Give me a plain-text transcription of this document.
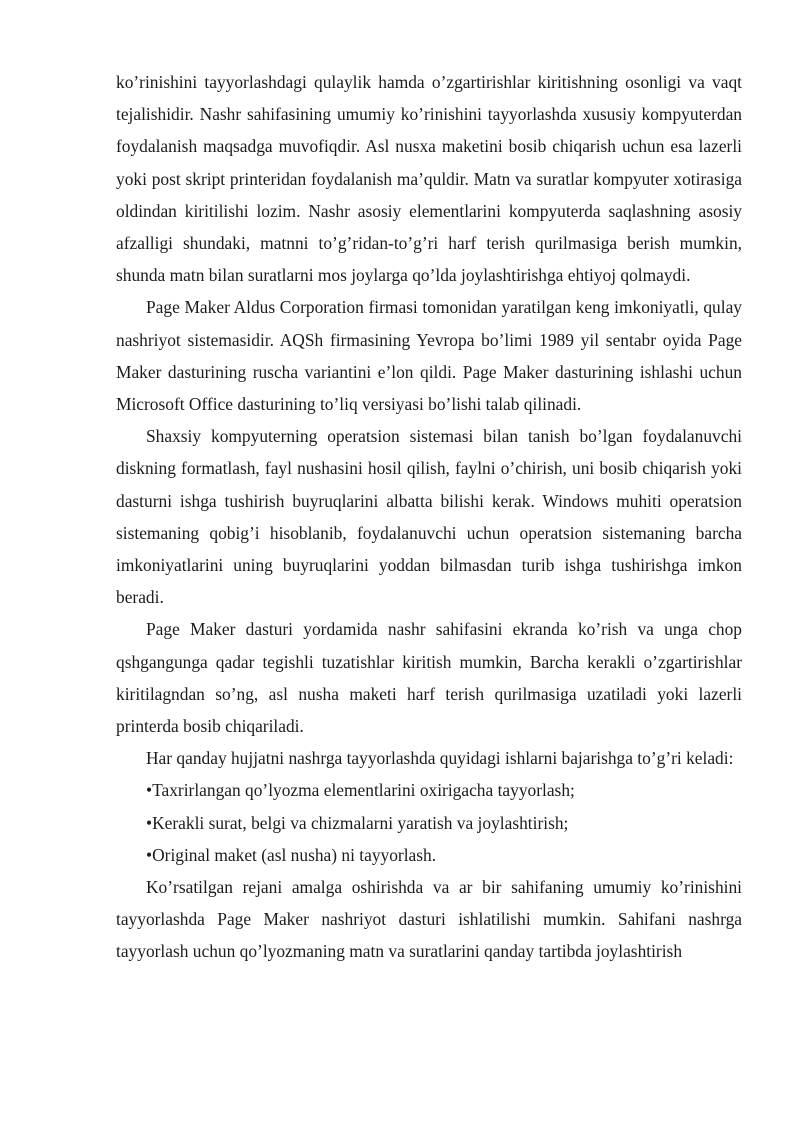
ko’rinishini tayyorlashdagi qulaylik hamda o’zgartirishlar kiritishning osonligi va vaqt tejalishidir. Nashr sahifasining umumiy ko’rinishini tayyorlashda xususiy kompyuterdan foydalanish maqsadga muvofiqdir. Asl nusxa maketini bosib chiqarish uchun esa lazerli yoki post skript printeridan foydalanish ma’quldir. Matn va suratlar kompyuter xotirasiga oldindan kiritilishi lozim. Nashr asosiy elementlarini kompyuterda saqlashning asosiy afzalligi shundaki, matnni to’g’ridan-to’g’ri harf terish qurilmasiga berish mumkin, shunda matn bilan suratlarni mos joylarga qo’lda joylashtirishga ehtiyoj qolmaydi.

Page Maker Aldus Corporation firmasi tomonidan yaratilgan keng imkoniyatli, qulay nashriyot sistemasidir. AQSh firmasining Yevropa bo’limi 1989 yil sentabr oyida Page Maker dasturining ruscha variantini e’lon qildi. Page Maker dasturining ishlashi uchun Microsoft Office dasturining to’liq versiyasi bo’lishi talab qilinadi.

Shaxsiy kompyuterning operatsion sistemasi bilan tanish bo’lgan foydalanuvchi diskning formatlash, fayl nushasini hosil qilish, faylni o’chirish, uni bosib chiqarish yoki dasturni ishga tushirish buyruqlarini albatta bilishi kerak. Windows muhiti operatsion sistemaning qobig’i hisoblanib, foydalanuvchi uchun operatsion sistemaning barcha imkoniyatlarini uning buyruqlarini yoddan bilmasdan turib ishga tushirishga imkon beradi.

Page Maker dasturi yordamida nashr sahifasini ekranda ko’rish va unga chop qshgangunga qadar tegishli tuzatishlar kiritish mumkin, Barcha kerakli o’zgartirishlar kiritilagndan so’ng, asl nusha maketi harf terish qurilmasiga uzatiladi yoki lazerli printerda bosib chiqariladi.

Har qanday hujjatni nashrga tayyorlashda quyidagi ishlarni bajarishga to’g’ri keladi:

•Taxrirlangan qo’lyozma elementlarini oxirigacha tayyorlash;

•Kerakli surat, belgi va chizmalarni yaratish va joylashtirish;

•Original maket (asl nusha) ni tayyorlash.

Ko’rsatilgan rejani amalga oshirishda va ar bir sahifaning umumiy ko’rinishini tayyorlashda Page Maker nashriyot dasturi ishlatilishi mumkin. Sahifani nashrga tayyorlash uchun qo’lyozmaning matn va suratlarini qanday tartibda joylashtirish
